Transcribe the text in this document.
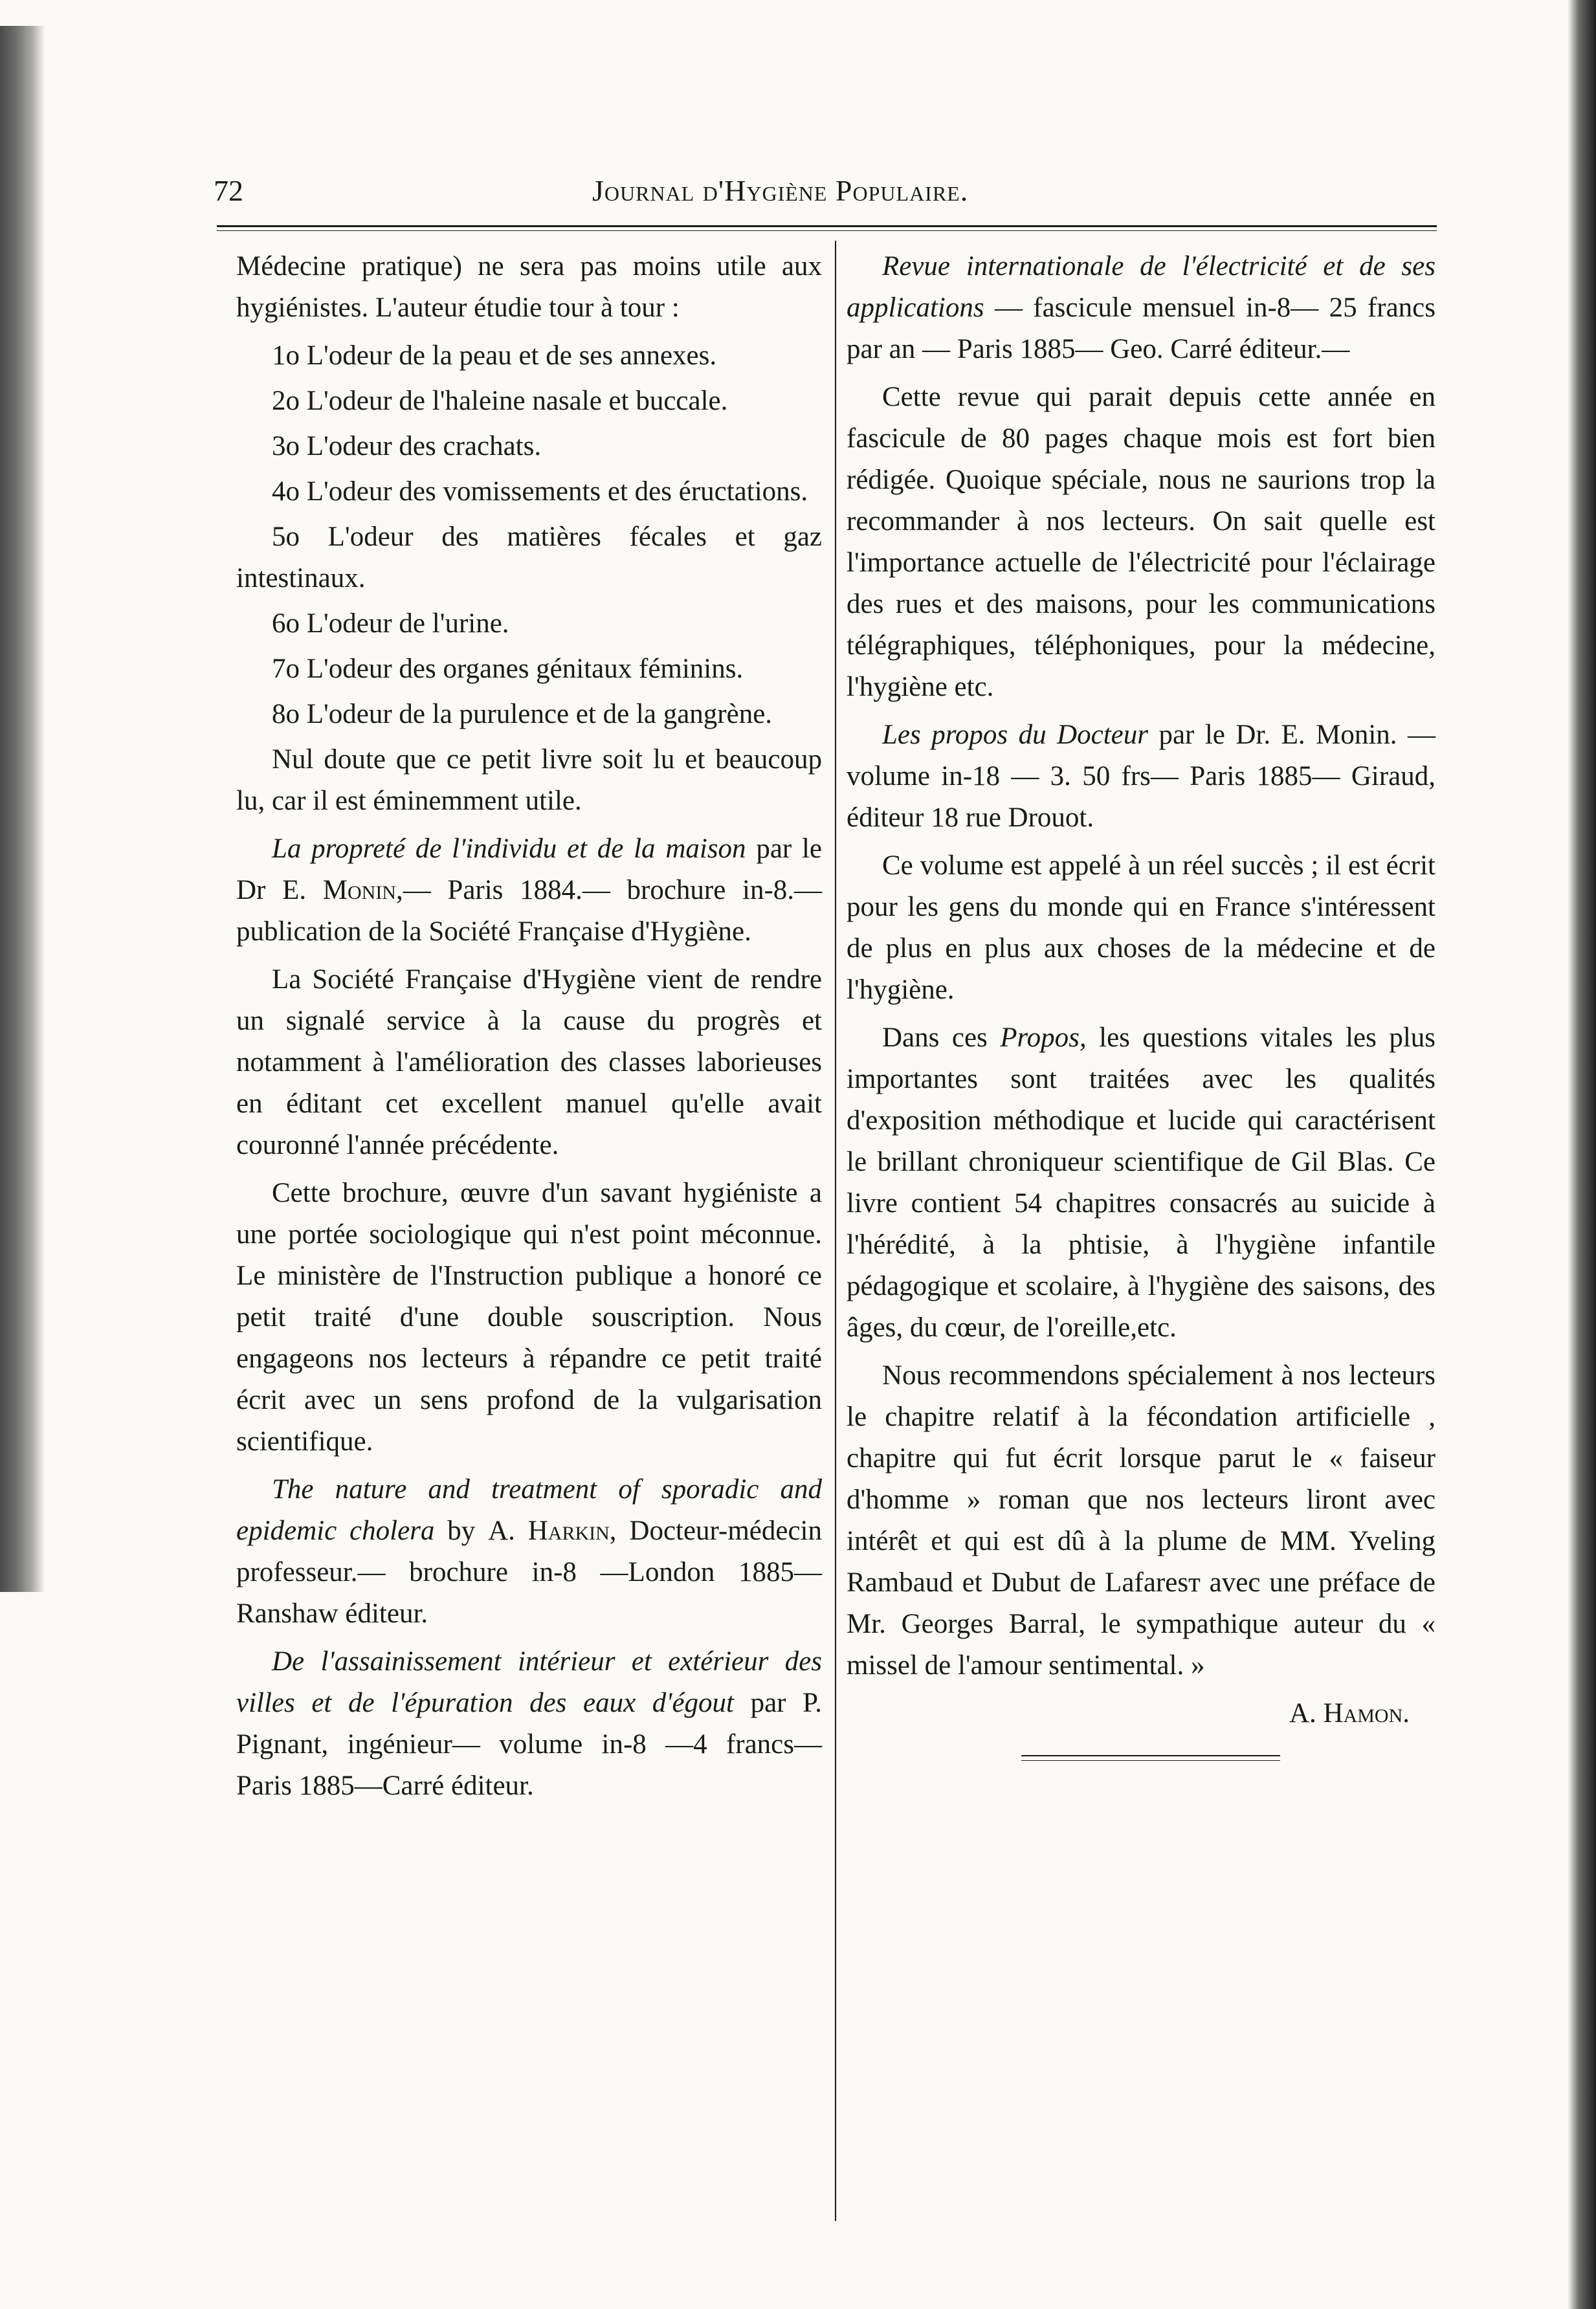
72	Journal d'Hygiène Populaire.

Médecine pratique) ne sera pas moins utile aux hygiénistes. L'auteur étudie tour à tour :

1o L'odeur de la peau et de ses annexes.

2o L'odeur de l'haleine nasale et buccale.

3o L'odeur des crachats.

4o L'odeur des vomissements et des éructations.

5o L'odeur des matières fécales et gaz intestinaux.

6o L'odeur de l'urine.

7o L'odeur des organes génitaux féminins.

8o L'odeur de la purulence et de la gangrène.

Nul doute que ce petit livre soit lu et beaucoup lu, car il est éminemment utile.

La propreté de l'individu et de la maison par le Dr E. Monin,— Paris 1884.— brochure in-8.— publication de la Société Française d'Hygiène.

La Société Française d'Hygiène vient de rendre un signalé service à la cause du progrès et notamment à l'amélioration des classes laborieuses en éditant cet excellent manuel qu'elle avait couronné l'année précédente.

Cette brochure, œuvre d'un savant hygiéniste a une portée sociologique qui n'est point méconnue. Le ministère de l'Instruction publique a honoré ce petit traité d'une double souscription. Nous engageons nos lecteurs à répandre ce petit traité écrit avec un sens profond de la vulgarisation scientifique.

The nature and treatment of sporadic and epidemic cholera by A. Harkin, Docteur-médecin professeur.— brochure in-8 —London 1885— Ranshaw éditeur.

De l'assainissement intérieur et extérieur des villes et de l'épuration des eaux d'égout par P. Pignant, ingénieur— volume in-8 —4 francs— Paris 1885—Carré éditeur.

Revue internationale de l'électricité et de ses applications — fascicule mensuel in-8— 25 francs par an — Paris 1885— Geo. Carré éditeur.—

Cette revue qui parait depuis cette année en fascicule de 80 pages chaque mois est fort bien rédigée. Quoique spéciale, nous ne saurions trop la recommander à nos lecteurs. On sait quelle est l'importance actuelle de l'électricité pour l'éclairage des rues et des maisons, pour les communications télégraphiques, téléphoniques, pour la médecine, l'hygiène etc.

Les propos du Docteur par le Dr. E. Monin. — volume in-18 — 3. 50 frs— Paris 1885— Giraud, éditeur 18 rue Drouot.

Ce volume est appelé à un réel succès ; il est écrit pour les gens du monde qui en France s'intéressent de plus en plus aux choses de la médecine et de l'hygiène.

Dans ces Propos, les questions vitales les plus importantes sont traitées avec les qualités d'exposition méthodique et lucide qui caractérisent le brillant chroniqueur scientifique de Gil Blas. Ce livre contient 54 chapitres consacrés au suicide à l'hérédité, à la phtisie, à l'hygiène infantile pédagogique et scolaire, à l'hygiène des saisons, des âges, du cœur, de l'oreille,etc.

Nous recommendons spécialement à nos lecteurs le chapitre relatif à la fécondation artificielle , chapitre qui fut écrit lorsque parut le « faiseur d'homme » roman que nos lecteurs liront avec intérêt et qui est dû à la plume de MM. Yveling Rambaud et Dubut de Lafaresт avec une préface de Mr. Georges Barral, le sympathique auteur du « missel de l'amour sentimental. »

A. Hamon.
